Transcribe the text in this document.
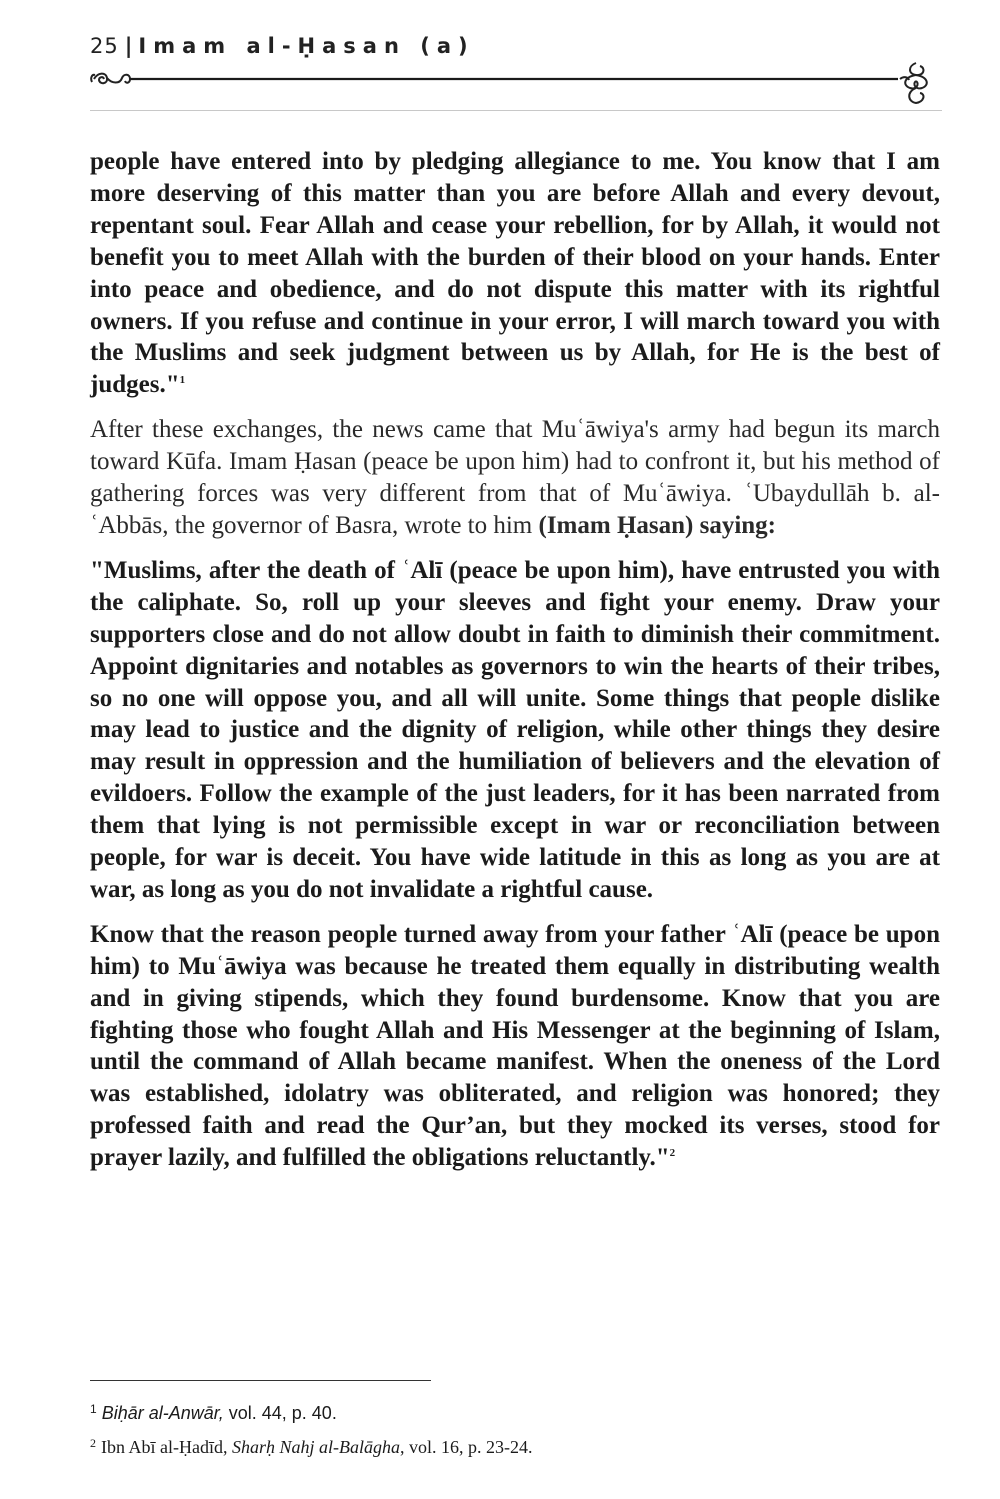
25 | Imam al-Ḥasan (a)

people have entered into by pledging allegiance to me. You know that I am more deserving of this matter than you are before Allah and every devout, repentant soul. Fear Allah and cease your rebellion, for by Allah, it would not benefit you to meet Allah with the burden of their blood on your hands. Enter into peace and obedience, and do not dispute this matter with its rightful owners. If you refuse and continue in your error, I will march toward you with the Muslims and seek judgment between us by Allah, for He is the best of judges."$^1$

After these exchanges, the news came that Muʿāwiya's army had begun its march toward Kūfa. Imam Ḥasan (peace be upon him) had to confront it, but his method of gathering forces was very different from that of Muʿāwiya. ʿUbaydullāh b. al-ʿAbbās, the governor of Basra, wrote to him (Imam Ḥasan) saying:

"Muslims, after the death of ʿAlī (peace be upon him), have entrusted you with the caliphate. So, roll up your sleeves and fight your enemy. Draw your supporters close and do not allow doubt in faith to diminish their commitment. Appoint dignitaries and notables as governors to win the hearts of their tribes, so no one will oppose you, and all will unite. Some things that people dislike may lead to justice and the dignity of religion, while other things they desire may result in oppression and the humiliation of believers and the elevation of evildoers. Follow the example of the just leaders, for it has been narrated from them that lying is not permissible except in war or reconciliation between people, for war is deceit. You have wide latitude in this as long as you are at war, as long as you do not invalidate a rightful cause.

Know that the reason people turned away from your father ʿAlī (peace be upon him) to Muʿāwiya was because he treated them equally in distributing wealth and in giving stipends, which they found burdensome. Know that you are fighting those who fought Allah and His Messenger at the beginning of Islam, until the command of Allah became manifest. When the oneness of the Lord was established, idolatry was obliterated, and religion was honored; they professed faith and read the Qur’an, but they mocked its verses, stood for prayer lazily, and fulfilled the obligations reluctantly."$^2$

$^1$ Biḥār al-Anwār, vol. 44, p. 40.
$^2$ Ibn Abī al-Ḥadīd, Sharḥ Nahj al-Balāgha, vol. 16, p. 23-24.
